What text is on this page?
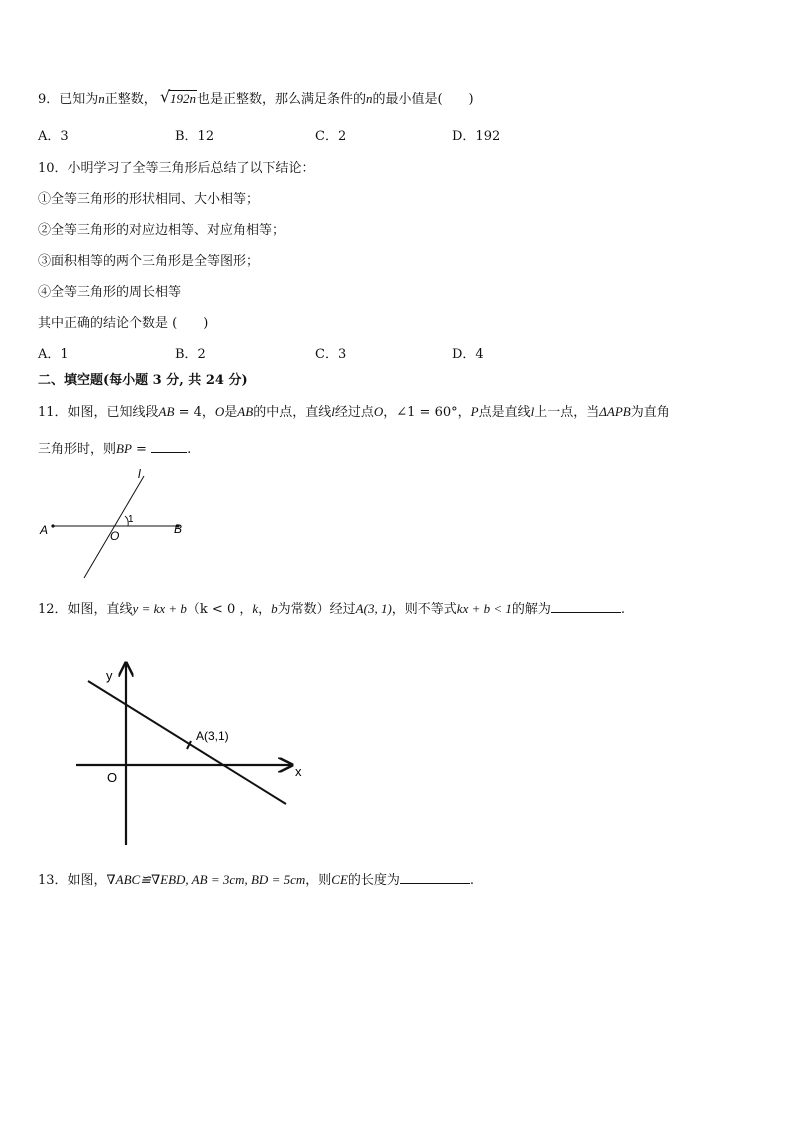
9．已知为n正整数， √ 192n也是正整数，那么满足条件的n的最小值是(　　)
A．3	B．12	C．2	D．192
10．小明学习了全等三角形后总结了以下结论：
①全等三角形的形状相同、大小相等；
②全等三角形的对应边相等、对应角相等；
③面积相等的两个三角形是全等图形；
④全等三角形的周长相等
其中正确的结论个数是 (　　)
A．1	B．2	C．3	D．4
二、填空题(每小题 3 分, 共 24 分)
11．如图，已知线段AB = 4，O是AB的中点，直线l经过点O，∠1 = 60°，P点是直线l上一点，当ΔAPB为直角
三角形时，则BP =	.
l
A	B
O
1
12．如图，直线y = kx + b（k < 0 ，k，b为常数）经过A(3, 1)，则不等式kx + b < 1的解为	.
y
x
O
A(3,1)
13．如图，∇ABC≌∇EBD, AB = 3cm, BD = 5cm，则CE的长度为	.
